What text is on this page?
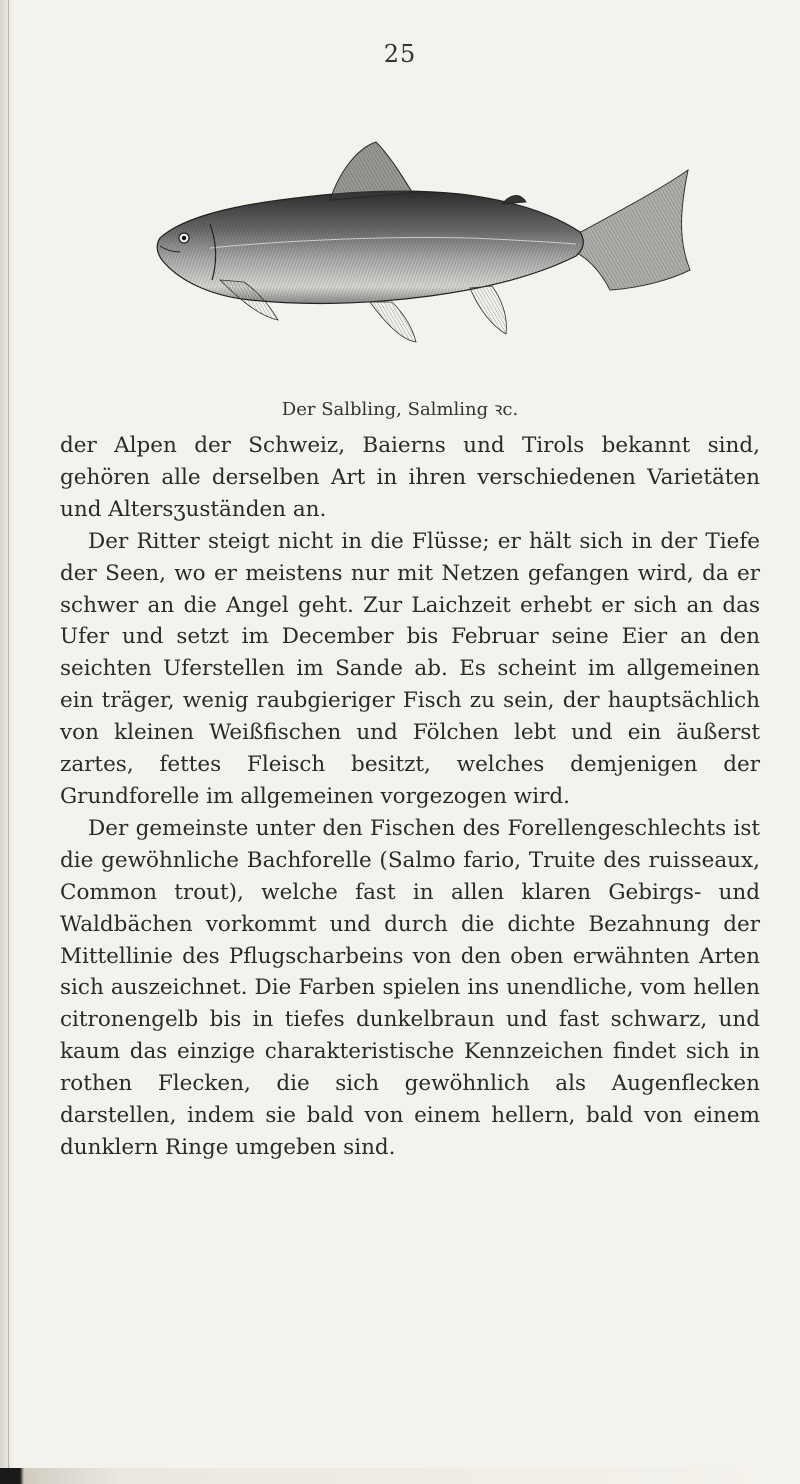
25
Der Salbling, Salmling ꝛc.

der Alpen der Schweiz, Baierns und Tirols bekannt sind, gehören alle derselben Art in ihren verschiedenen Varietäten und Altersʒuständen an.

Der Ritter steigt nicht in die Flüsse; er hält sich in der Tiefe der Seen, wo er meistens nur mit Netzen gefangen wird, da er schwer an die Angel geht. Zur Laichzeit erhebt er sich an das Ufer und setzt im December bis Februar seine Eier an den seichten Uferstellen im Sande ab. Es scheint im allgemeinen ein träger, wenig raubgieriger Fisch zu sein, der hauptsächlich von kleinen Weißfischen und Fölchen lebt und ein äußerst zartes, fettes Fleisch besitzt, welches demjenigen der Grundforelle im allgemeinen vorgezogen wird.

Der gemeinste unter den Fischen des Forellengeschlechts ist die gewöhnliche Bachforelle (Salmo fario, Truite des ruisseaux, Common trout), welche fast in allen klaren Gebirgs- und Waldbächen vorkommt und durch die dichte Bezahnung der Mittellinie des Pflugscharbeins von den oben erwähnten Arten sich auszeichnet. Die Farben spielen ins unendliche, vom hellen citronengelb bis in tiefes dunkelbraun und fast schwarz, und kaum das einzige charakteristische Kennzeichen findet sich in rothen Flecken, die sich gewöhnlich als Augenflecken darstellen, indem sie bald von einem hellern, bald von einem dunklern Ringe umgeben sind.
